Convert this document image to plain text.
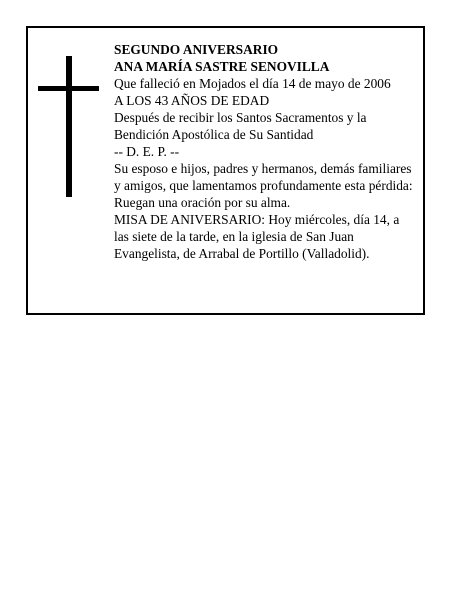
SEGUNDO ANIVERSARIO
ANA MARÍA SASTRE SENOVILLA
Que falleció en Mojados el día 14 de mayo de 2006
A LOS 43 AÑOS DE EDAD
Después de recibir los Santos Sacramentos y la
Bendición Apostólica de Su Santidad
-- D. E. P. --
Su esposo e hijos, padres y hermanos, demás familiares
y amigos, que lamentamos profundamente esta pérdida:
Ruegan una oración por su alma.
MISA DE ANIVERSARIO: Hoy miércoles, día 14, a
las siete de la tarde, en la iglesia de San Juan
Evangelista, de Arrabal de Portillo (Valladolid).
